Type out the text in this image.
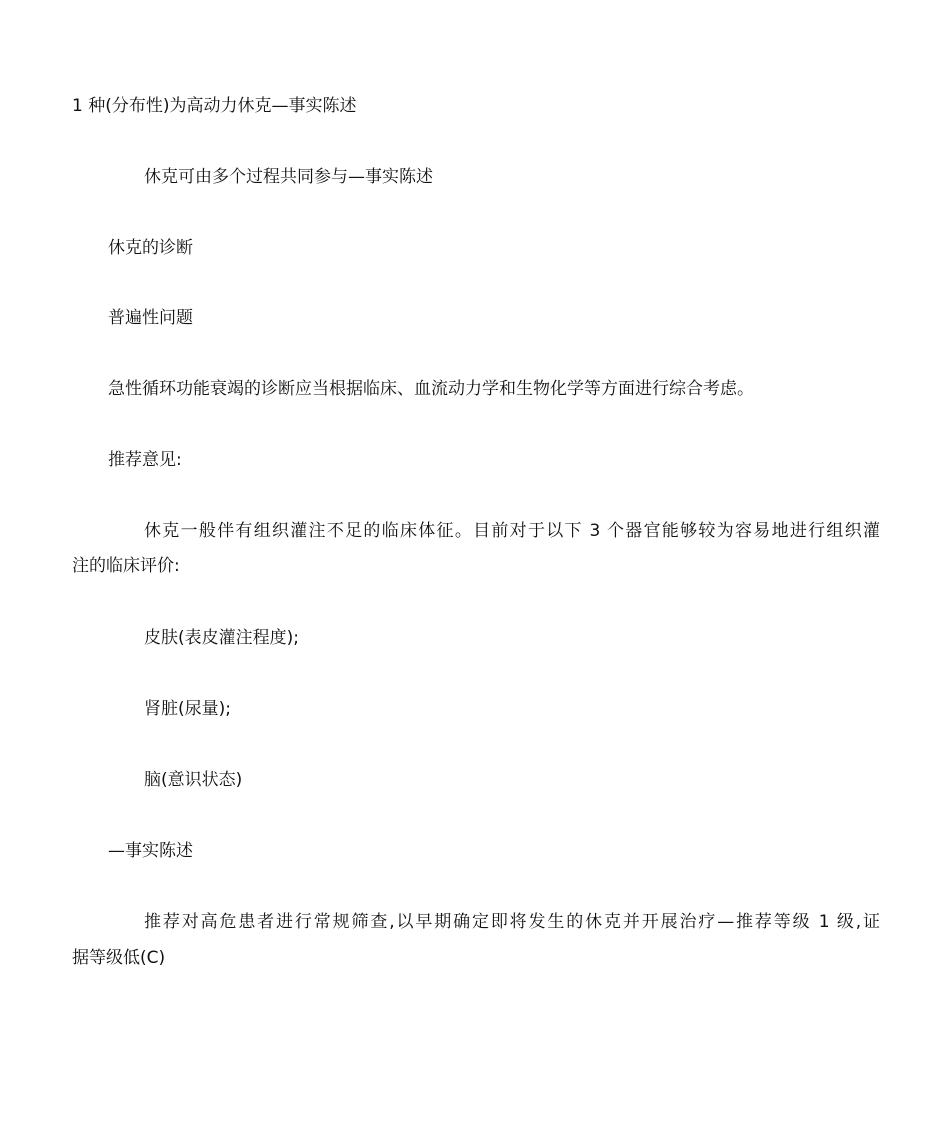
1 种(分布性)为高动力休克—事实陈述
休克可由多个过程共同参与—事实陈述
休克的诊断
普遍性问题
急性循环功能衰竭的诊断应当根据临床、血流动力学和生物化学等方面进行综合考虑。
推荐意见:
休克一般伴有组织灌注不足的临床体征。目前对于以下 3 个器官能够较为容易地进行组织灌
注的临床评价:
皮肤(表皮灌注程度);
肾脏(尿量);
脑(意识状态)
—事实陈述
推荐对高危患者进行常规筛查,以早期确定即将发生的休克并开展治疗—推荐等级 1 级,证
据等级低(C)
